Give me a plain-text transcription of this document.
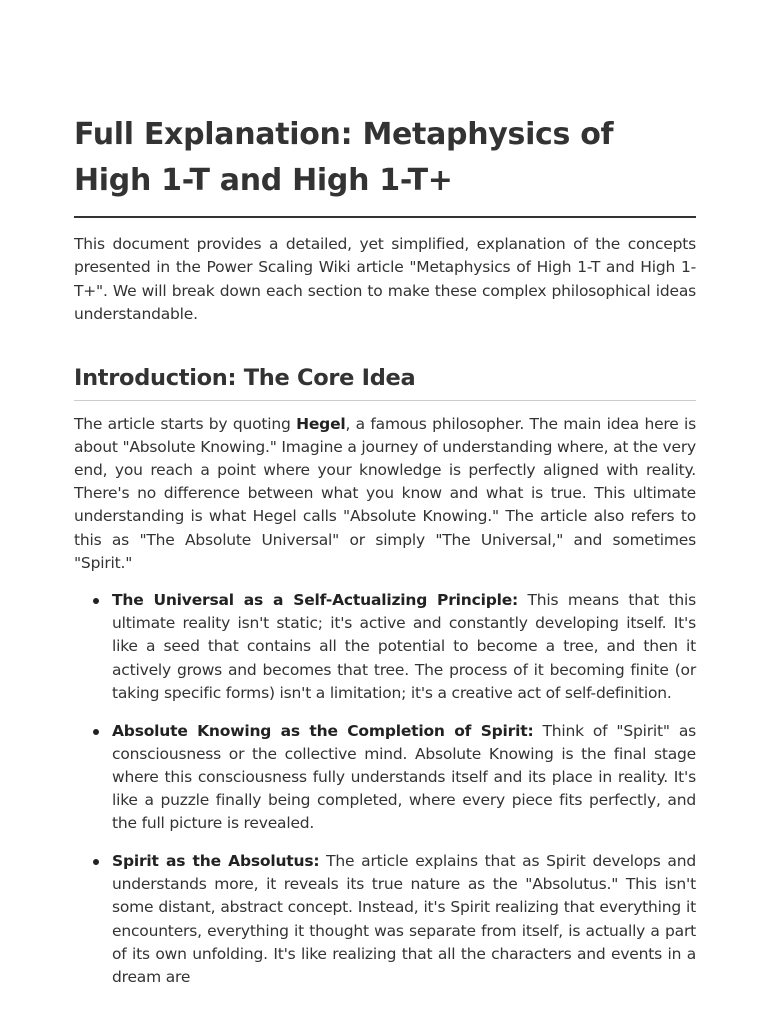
Full Explanation: Metaphysics of High 1-T and High 1-T+

This document provides a detailed, yet simplified, explanation of the concepts presented in the Power Scaling Wiki article "Metaphysics of High 1-T and High 1-T+". We will break down each section to make these complex philosophical ideas understandable.

Introduction: The Core Idea

The article starts by quoting Hegel, a famous philosopher. The main idea here is about "Absolute Knowing." Imagine a journey of understanding where, at the very end, you reach a point where your knowledge is perfectly aligned with reality. There's no difference between what you know and what is true. This ultimate understanding is what Hegel calls "Absolute Knowing." The article also refers to this as "The Absolute Universal" or simply "The Universal," and sometimes "Spirit."

The Universal as a Self-Actualizing Principle: This means that this ultimate reality isn't static; it's active and constantly developing itself. It's like a seed that contains all the potential to become a tree, and then it actively grows and becomes that tree. The process of it becoming finite (or taking specific forms) isn't a limitation; it's a creative act of self-definition.
Absolute Knowing as the Completion of Spirit: Think of "Spirit" as consciousness or the collective mind. Absolute Knowing is the final stage where this consciousness fully understands itself and its place in reality. It's like a puzzle finally being completed, where every piece fits perfectly, and the full picture is revealed.
Spirit as the Absolutus: The article explains that as Spirit develops and understands more, it reveals its true nature as the "Absolutus." This isn't some distant, abstract concept. Instead, it's Spirit realizing that everything it encounters, everything it thought was separate from itself, is actually a part of its own unfolding. It's like realizing that all the characters and events in a dream are
